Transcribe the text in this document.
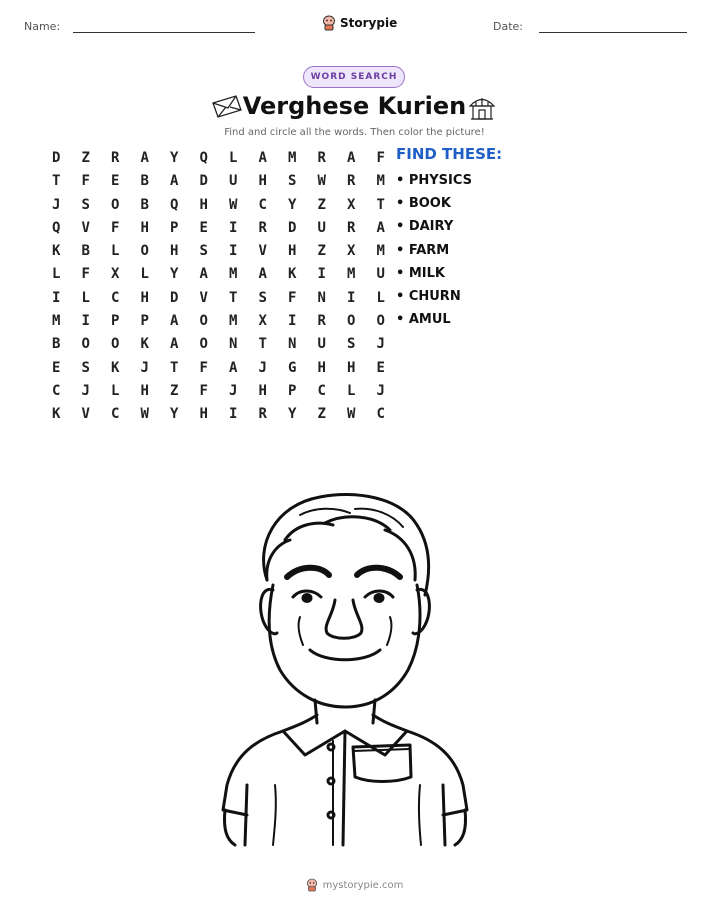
Name:	Date:
Storypie
WORD SEARCH
Verghese Kurien
Find and circle all the words. Then color the picture!
D	Z	R	A	Y	Q	L	A	M	R	A	F
T	F	E	B	A	D	U	H	S	W	R	M
J	S	O	B	Q	H	W	C	Y	Z	X	T
Q	V	F	H	P	E	I	R	D	U	R	A
K	B	L	O	H	S	I	V	H	Z	X	M
L	F	X	L	Y	A	M	A	K	I	M	U
I	L	C	H	D	V	T	S	F	N	I	L
M	I	P	P	A	O	M	X	I	R	O	O
B	O	O	K	A	O	N	T	N	U	S	J
E	S	K	J	T	F	A	J	G	H	H	E
C	J	L	H	Z	F	J	H	P	C	L	J
K	V	C	W	Y	H	I	R	Y	Z	W	C
FIND THESE:
• PHYSICS
• BOOK
• DAIRY
• FARM
• MILK
• CHURN
• AMUL
mystorypie.com
